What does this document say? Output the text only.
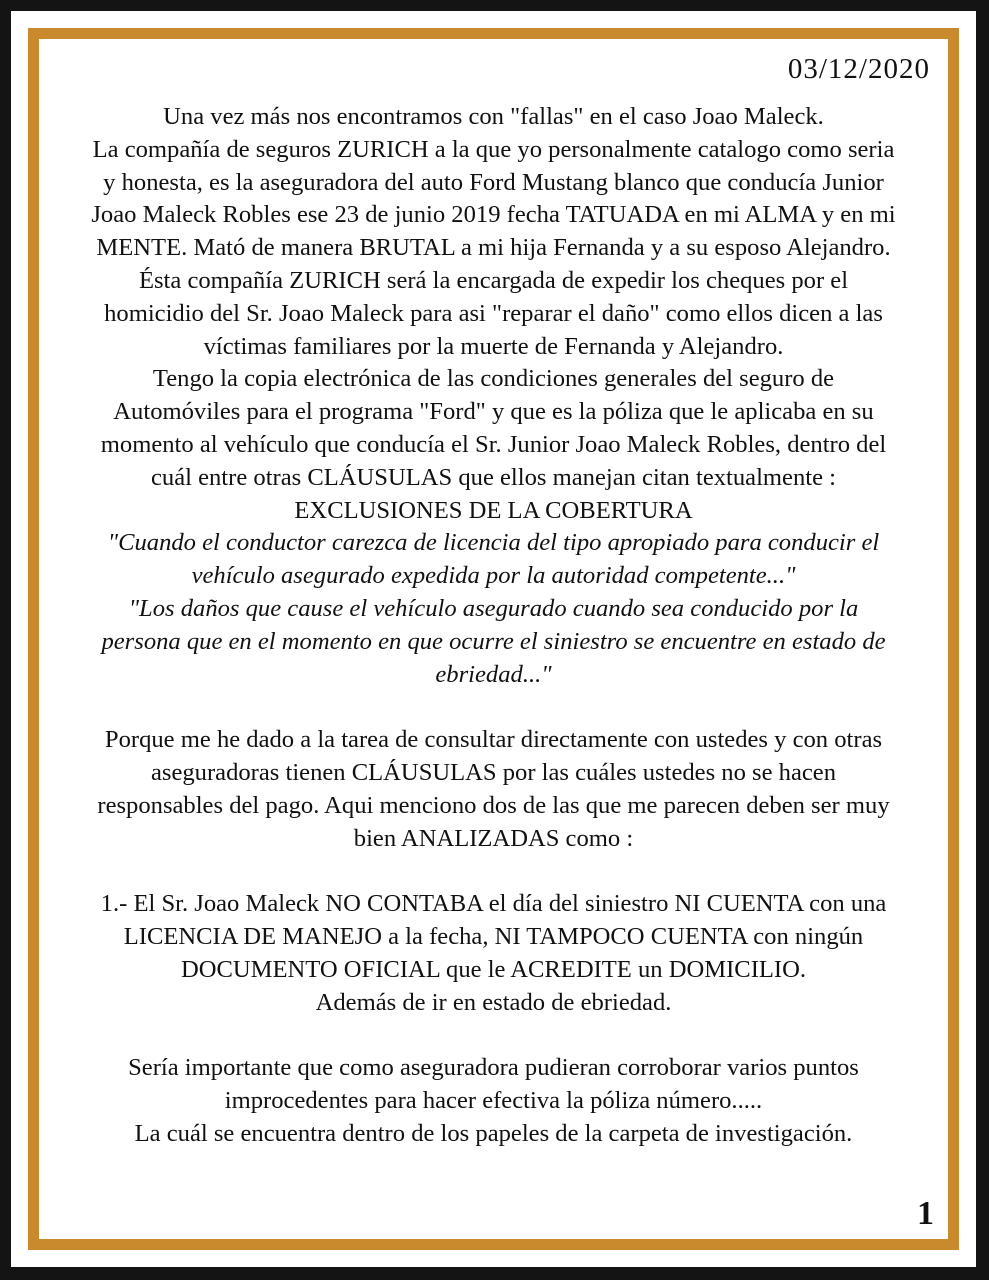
03/12/2020
Una vez más nos encontramos con "fallas" en el caso Joao Maleck.
La compañía de seguros ZURICH a la que yo personalmente catalogo como seria
y honesta, es la aseguradora del auto Ford Mustang blanco que conducía Junior
Joao Maleck Robles ese 23 de junio 2019 fecha TATUADA en mi ALMA y en mi
MENTE. Mató de manera BRUTAL a mi hija Fernanda y a su esposo Alejandro.
Ésta compañía ZURICH será la encargada de expedir los cheques por el
homicidio del Sr. Joao Maleck para asi "reparar el daño" como ellos dicen a las
víctimas familiares por la muerte de Fernanda y Alejandro.
Tengo la copia electrónica de las condiciones generales del seguro de
Automóviles para el programa "Ford" y que es la póliza que le aplicaba en su
momento al vehículo que conducía el Sr. Junior Joao Maleck Robles, dentro del
cuál entre otras CLÁUSULAS que ellos manejan citan textualmente :
EXCLUSIONES DE LA COBERTURA
"Cuando el conductor carezca de licencia del tipo apropiado para conducir el
vehículo asegurado expedida por la autoridad competente..."
"Los daños que cause el vehículo asegurado cuando sea conducido por la
persona que en el momento en que ocurre el siniestro se encuentre en estado de
ebriedad..."
Porque me he dado a la tarea de consultar directamente con ustedes y con otras
aseguradoras tienen CLÁUSULAS por las cuáles ustedes no se hacen
responsables del pago. Aqui menciono dos de las que me parecen deben ser muy
bien ANALIZADAS como :
1.- El Sr. Joao Maleck NO CONTABA el día del siniestro NI CUENTA con una
LICENCIA DE MANEJO a la fecha, NI TAMPOCO CUENTA con ningún
DOCUMENTO OFICIAL que le ACREDITE un DOMICILIO.
Además de ir en estado de ebriedad.
Sería importante que como aseguradora pudieran corroborar varios puntos
improcedentes para hacer efectiva la póliza número.....
La cuál se encuentra dentro de los papeles de la carpeta de investigación.
1
